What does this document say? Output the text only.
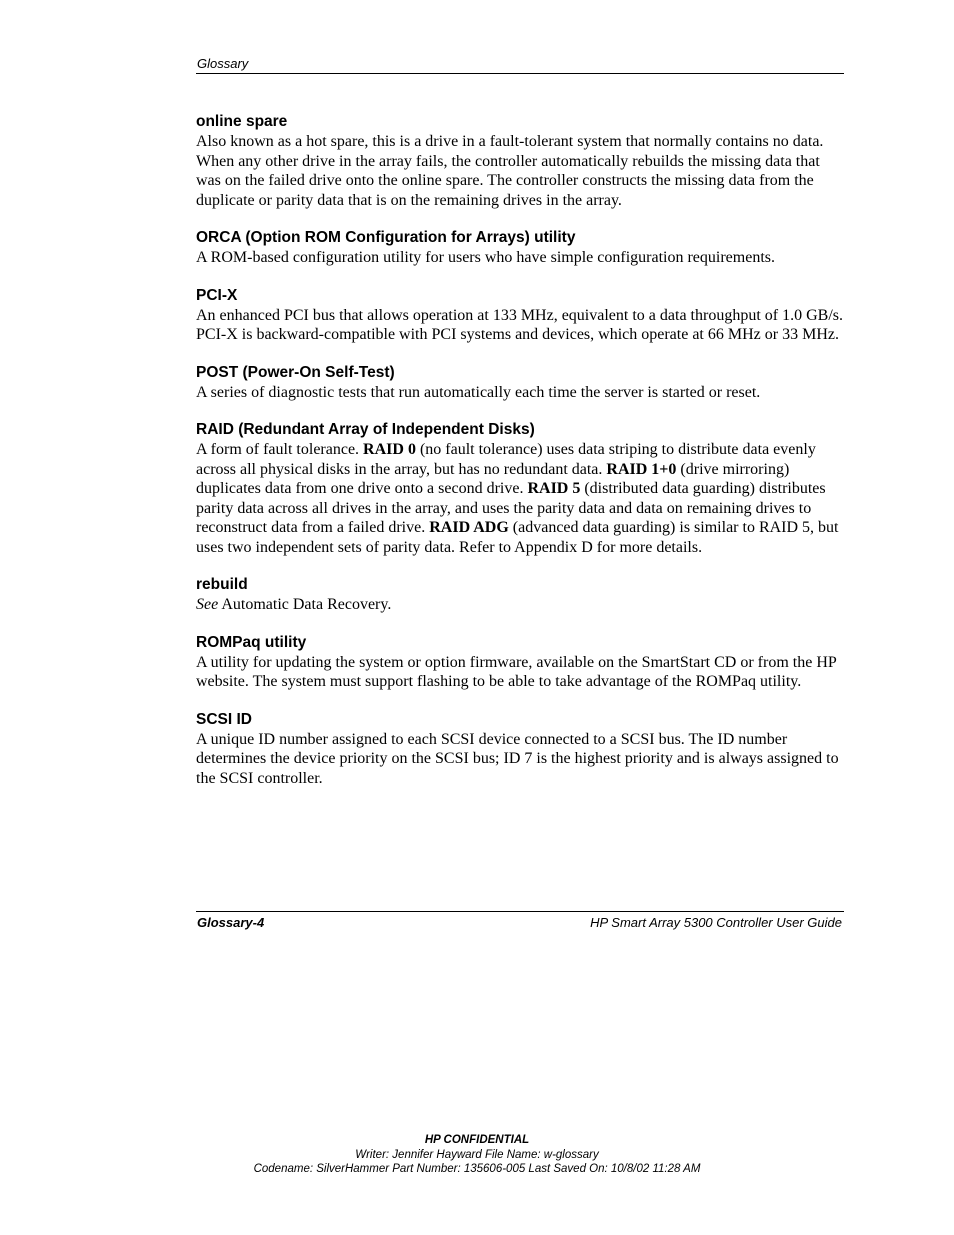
Glossary

online spare

Also known as a hot spare, this is a drive in a fault-tolerant system that normally contains no data. When any other drive in the array fails, the controller automatically rebuilds the missing data that was on the failed drive onto the online spare. The controller constructs the missing data from the duplicate or parity data that is on the remaining drives in the array.

ORCA (Option ROM Configuration for Arrays) utility

A ROM-based configuration utility for users who have simple configuration requirements.

PCI-X

An enhanced PCI bus that allows operation at 133 MHz, equivalent to a data throughput of 1.0 GB/s. PCI-X is backward-compatible with PCI systems and devices, which operate at 66 MHz or 33 MHz.

POST (Power-On Self-Test)

A series of diagnostic tests that run automatically each time the server is started or reset.

RAID (Redundant Array of Independent Disks)

A form of fault tolerance. RAID 0 (no fault tolerance) uses data striping to distribute data evenly across all physical disks in the array, but has no redundant data. RAID 1+0 (drive mirroring) duplicates data from one drive onto a second drive. RAID 5 (distributed data guarding) distributes parity data across all drives in the array, and uses the parity data and data on remaining drives to reconstruct data from a failed drive. RAID ADG (advanced data guarding) is similar to RAID 5, but uses two independent sets of parity data. Refer to Appendix D for more details.

rebuild

See Automatic Data Recovery.

ROMPaq utility

A utility for updating the system or option firmware, available on the SmartStart CD or from the HP website. The system must support flashing to be able to take advantage of the ROMPaq utility.

SCSI ID

A unique ID number assigned to each SCSI device connected to a SCSI bus. The ID number determines the device priority on the SCSI bus; ID 7 is the highest priority and is always assigned to the SCSI controller.

Glossary-4	HP Smart Array 5300 Controller User Guide
HP CONFIDENTIAL
Writer: Jennifer Hayward File Name: w-glossary
Codename: SilverHammer Part Number: 135606-005 Last Saved On: 10/8/02 11:28 AM
